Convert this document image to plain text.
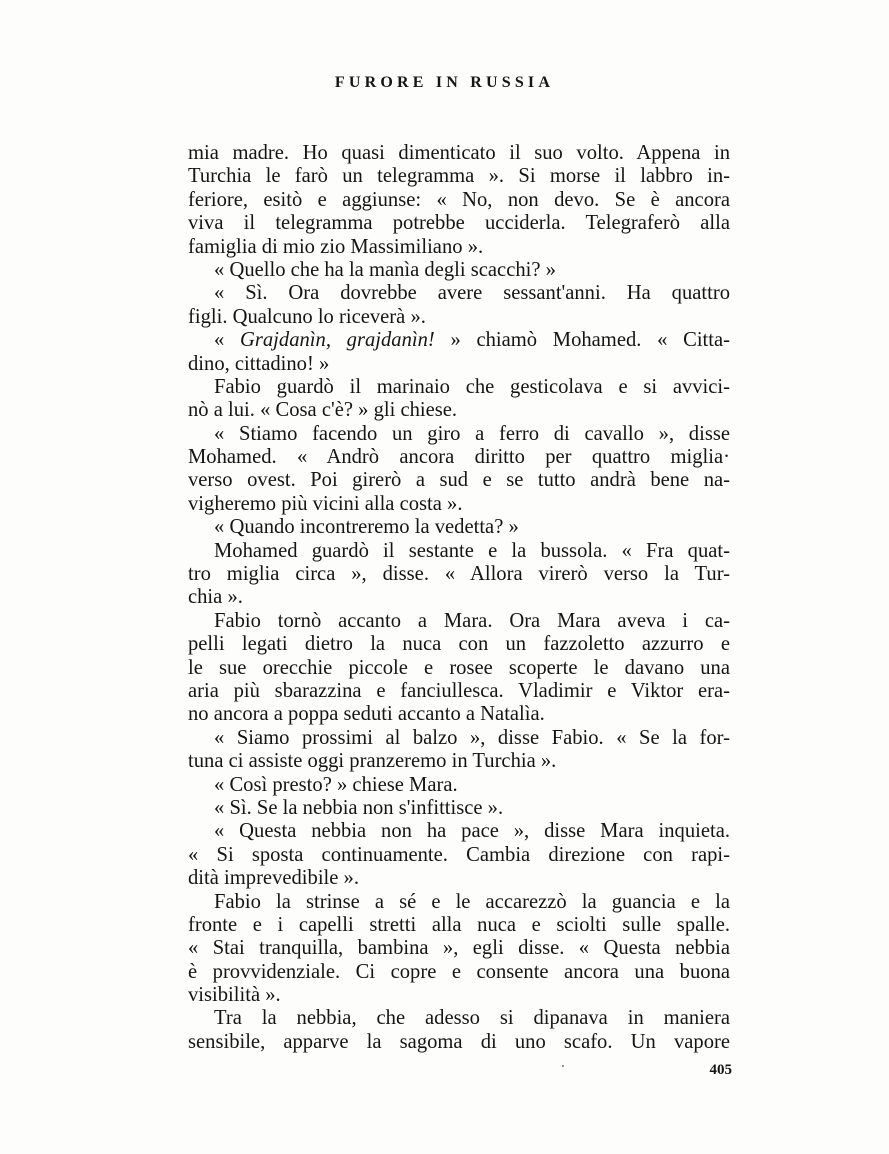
FURORE IN RUSSIA
mia madre. Ho quasi dimenticato il suo volto. Appena in
Turchia le farò un telegramma ». Si morse il labbro in-
feriore, esitò e aggiunse: « No, non devo. Se è ancora
viva il telegramma potrebbe ucciderla. Telegraferò alla
famiglia di mio zio Massimiliano ».
« Quello che ha la manìa degli scacchi? »
« Sì. Ora dovrebbe avere sessant'anni. Ha quattro
figli. Qualcuno lo riceverà ».
« Grajdanìn, grajdanìn! » chiamò Mohamed. « Citta-
dino, cittadino! »
Fabio guardò il marinaio che gesticolava e si avvici-
nò a lui. « Cosa c'è? » gli chiese.
« Stiamo facendo un giro a ferro di cavallo », disse
Mohamed. « Andrò ancora diritto per quattro miglia·
verso ovest. Poi girerò a sud e se tutto andrà bene na-
vigheremo più vicini alla costa ».
« Quando incontreremo la vedetta? »
Mohamed guardò il sestante e la bussola. « Fra quat-
tro miglia circa », disse. « Allora virerò verso la Tur-
chia ».
Fabio tornò accanto a Mara. Ora Mara aveva i ca-
pelli legati dietro la nuca con un fazzoletto azzurro e
le sue orecchie piccole e rosee scoperte le davano una
aria più sbarazzina e fanciullesca. Vladimir e Viktor era-
no ancora a poppa seduti accanto a Natalìa.
« Siamo prossimi al balzo », disse Fabio. « Se la for-
tuna ci assiste oggi pranzeremo in Turchia ».
« Così presto? » chiese Mara.
« Sì. Se la nebbia non s'infittisce ».
« Questa nebbia non ha pace », disse Mara inquieta.
« Si sposta continuamente. Cambia direzione con rapi-
dità imprevedibile ».
Fabio la strinse a sé e le accarezzò la guancia e la
fronte e i capelli stretti alla nuca e sciolti sulle spalle.
« Stai tranquilla, bambina », egli disse. « Questa nebbia
è provvidenziale. Ci copre e consente ancora una buona
visibilità ».
Tra la nebbia, che adesso si dipanava in maniera
sensibile, apparve la sagoma di uno scafo. Un vapore
405
